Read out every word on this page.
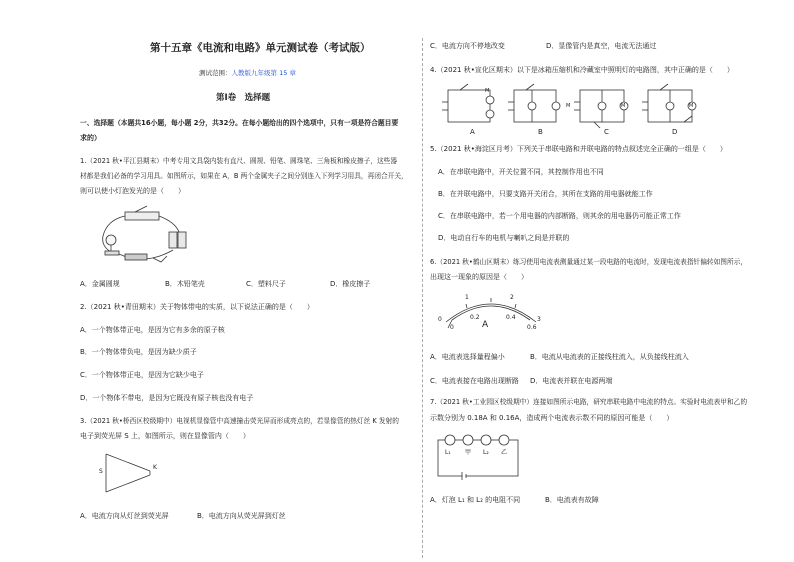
第十五章《电流和电路》单元测试卷（考试版）
测试范围：人教版九年级第 15 章
第Ⅰ卷　选择题
一、选择题（本题共16小题，每小题 2分，共32分。在每小题给出的四个选项中，只有一项是符合题目要
求的）
1.（2021 秋•平江县期末）中考专用文具袋内装有直尺、圆规、铅笔、圆珠笔、三角板和橡皮擦子，这些器
材都是我们必备的学习用具。如图所示，如果在 A，B 两个金属夹子之间分别连入下列学习用具，再闭合开关，
则可以使小灯泡发光的是（　　）
A．金属圆规	B．木铅笔壳	C．塑料尺子	D．橡皮擦子
2.（2021 秋•青田期末）关于物体带电的实质，以下说法正确的是（　　）
A．一个物体带正电，是因为它有多余的原子核
B．一个物体带负电，是因为缺少质子
C．一个物体带正电，是因为它缺少电子
D．一个物体不带电，是因为它既没有原子核也没有电子
3.（2021 秋•桥西区校级期中）电视机显像管中高速撞击荧光屏而形成亮点的，若显像管的热灯丝 K 发射的
电子到荧光屏 S 上，如图所示，则在显像管内（　　）
S
K
A．电流方向从灯丝到荧光屏	B．电流方向从荧光屏到灯丝
C．电流方向不停地改变	D．显像管内是真空，电流无法通过
4.（2021 秋•宣化区期末）以下是冰箱压缩机和冷藏室中照明灯的电路图，其中正确的是（　　）
M
M	M	M
A	B	C	D
5.（2021 秋•海淀区月考）下列关于串联电路和并联电路的特点叙述完全正确的一组是（　　）
A．在串联电路中，开关位置不同，其控制作用也不同
B．在并联电路中，只要支路开关闭合，其所在支路的用电器就能工作
C．在串联电路中，若一个用电器的内部断路，则其余的用电器仍可能正常工作
D．电动自行车的电机与喇叭之间是并联的
6.（2021 秋•鹤山区期末）练习使用电流表测量通过某一段电路的电流时，发现电流表指针偏转如图所示，
出现这一现象的原因是（　　）
0
1	2
3
0
0.2	0.4
0.6
A
A．电流表选择量程偏小	B．电流从电流表的正接线柱流入，从负接线柱流入
C．电流表接在电路出现断路 D．电流表并联在电源两端
7.（2021 秋•工业园区校级期中）连接如图所示电路，研究串联电路中电流的特点。实验时电流表甲和乙的
示数分别为 0.18A 和 0.16A，造成两个电流表示数不同的原因可能是（　　）
L₁ 甲 L₂ 乙
A．灯泡 L₁ 和 L₂ 的电阻不同	B．电流表有故障
